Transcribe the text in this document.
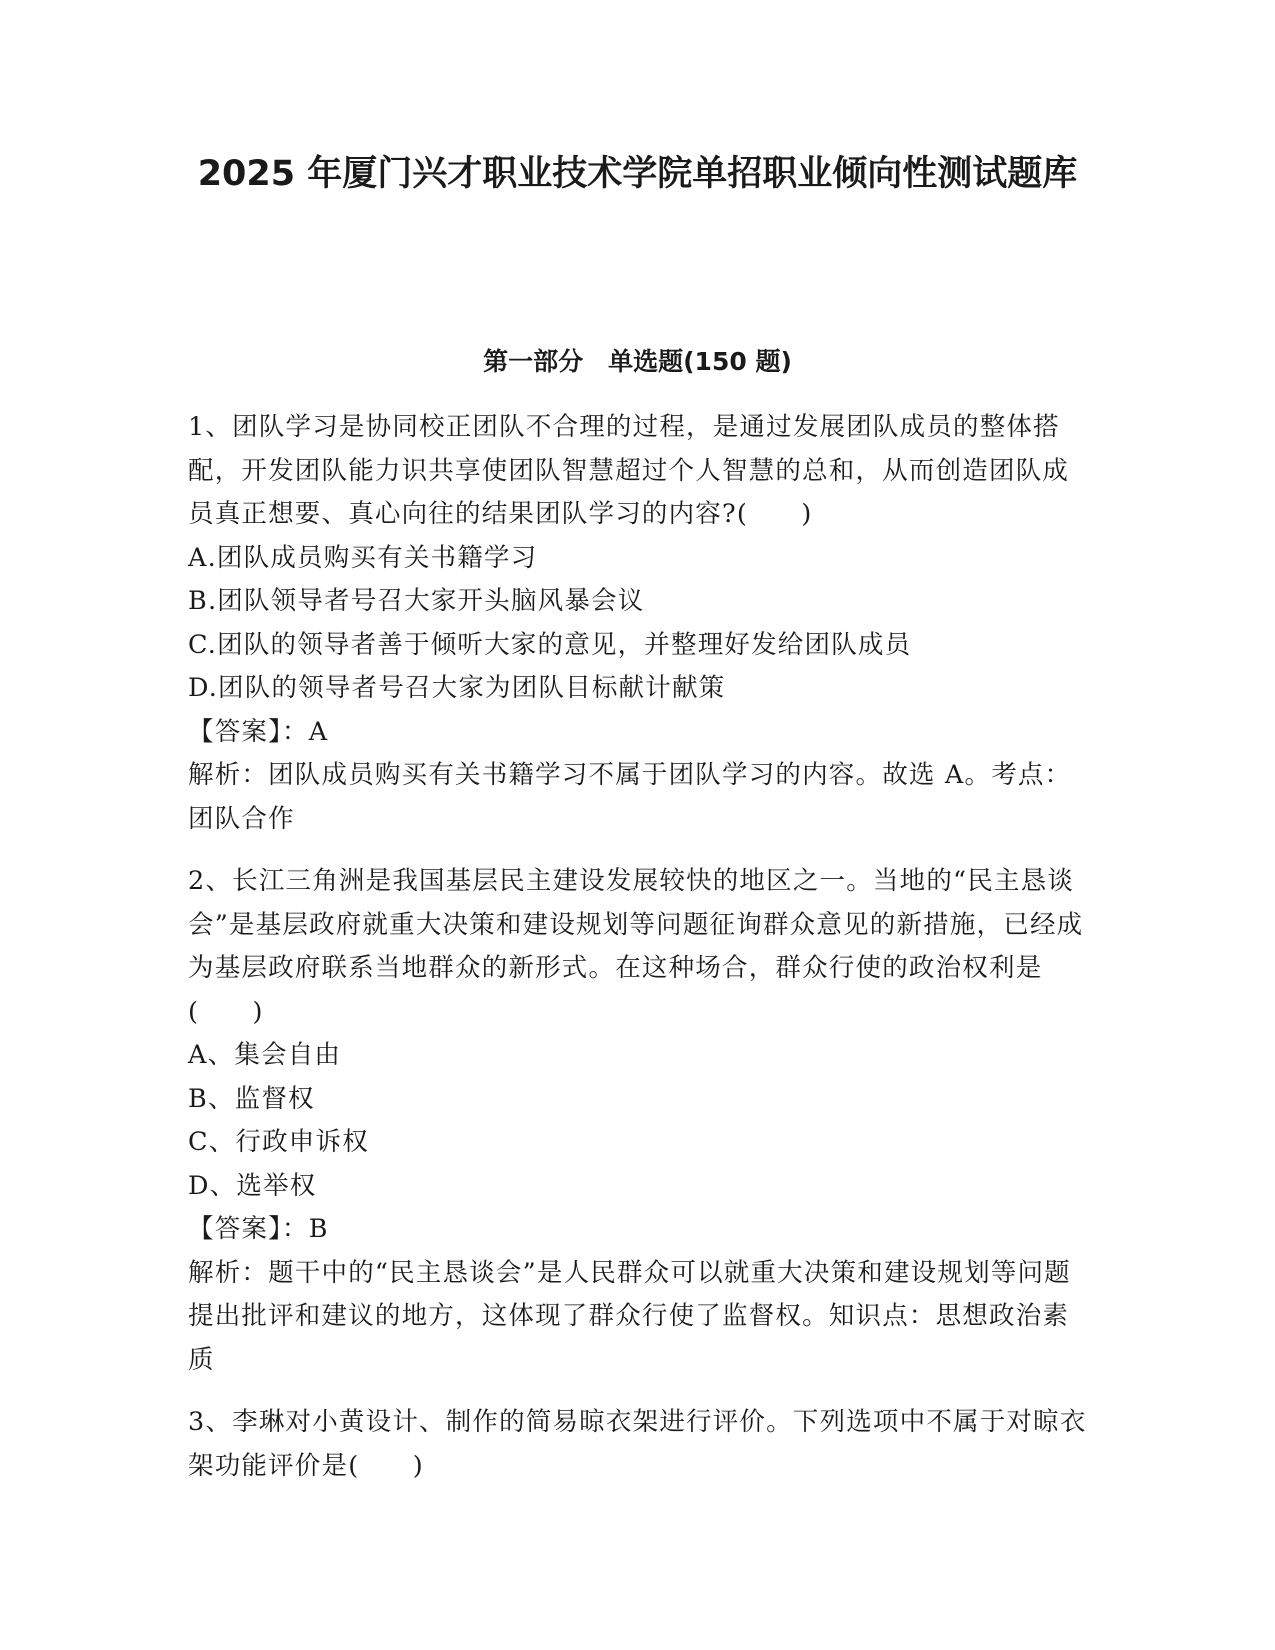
2025 年厦门兴才职业技术学院单招职业倾向性测试题库
第一部分　单选题(150 题)

1、团队学习是协同校正团队不合理的过程，是通过发展团队成员的整体搭配，开发团队能力识共享使团队智慧超过个人智慧的总和，从而创造团队成员真正想要、真心向往的结果团队学习的内容?(　　)

A.团队成员购买有关书籍学习

B.团队领导者号召大家开头脑风暴会议

C.团队的领导者善于倾听大家的意见，并整理好发给团队成员

D.团队的领导者号召大家为团队目标献计献策

【答案】：A

解析：团队成员购买有关书籍学习不属于团队学习的内容。故选 A。考点：团队合作

2、长江三角洲是我国基层民主建设发展较快的地区之一。当地的“民主恳谈会”是基层政府就重大决策和建设规划等问题征询群众意见的新措施，已经成为基层政府联系当地群众的新形式。在这种场合，群众行使的政治权利是(　　)

A、集会自由

B、监督权

C、行政申诉权

D、选举权

【答案】：B

解析：题干中的“民主恳谈会”是人民群众可以就重大决策和建设规划等问题提出批评和建议的地方，这体现了群众行使了监督权。知识点：思想政治素质

3、李琳对小黄设计、制作的简易晾衣架进行评价。下列选项中不属于对晾衣架功能评价是(　　)
